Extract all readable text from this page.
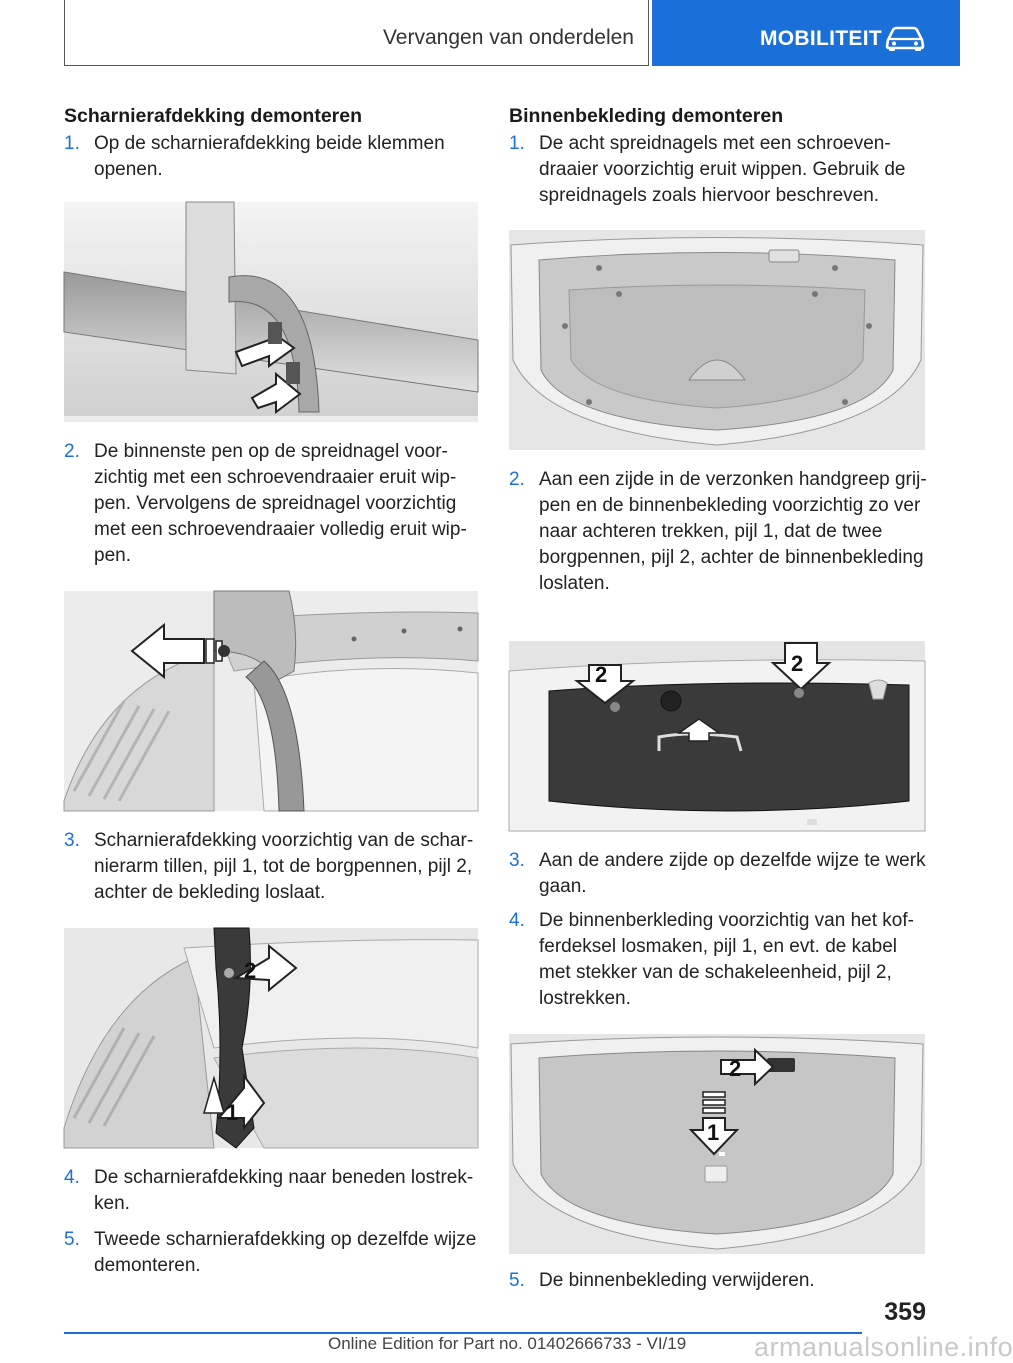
Vervangen van onderdelen	MOBILITEIT
Scharnierafdekking demonteren
1. Op de scharnierafdekking beide klemmen openen.
2. De binnenste pen op de spreidnagel voorzichtig met een schroevendraaier eruit wippen. Vervolgens de spreidnagel voorzichtig met een schroevendraaier volledig eruit wippen.
3. Scharnierafdekking voorzichtig van de scharnierarm tillen, pijl 1, tot de borgpennen, pijl 2, achter de bekleding loslaat.
2
1
4. De scharnierafdekking naar beneden lostrekken.
5. Tweede scharnierafdekking op dezelfde wijze demonteren.
Binnenbekleding demonteren
1. De acht spreidnagels met een schroevendraaier voorzichtig eruit wippen. Gebruik de spreidnagels zoals hiervoor beschreven.
2. Aan een zijde in de verzonken handgreep grijpen en de binnenbekleding voorzichtig zo ver naar achteren trekken, pijl 1, dat de twee borgpennen, pijl 2, achter de binnenbekleding loslaten.
2	2
3. Aan de andere zijde op dezelfde wijze te werk gaan.
4. De binnenberkleding voorzichtig van het kofferdeksel losmaken, pijl 1, en evt. de kabel met stekker van de schakeleenheid, pijl 2, lostrekken.
2
1
5. De binnenbekleding verwijderen.
359
Online Edition for Part no. 01402666733 - VI/19	armanualsonline.info
